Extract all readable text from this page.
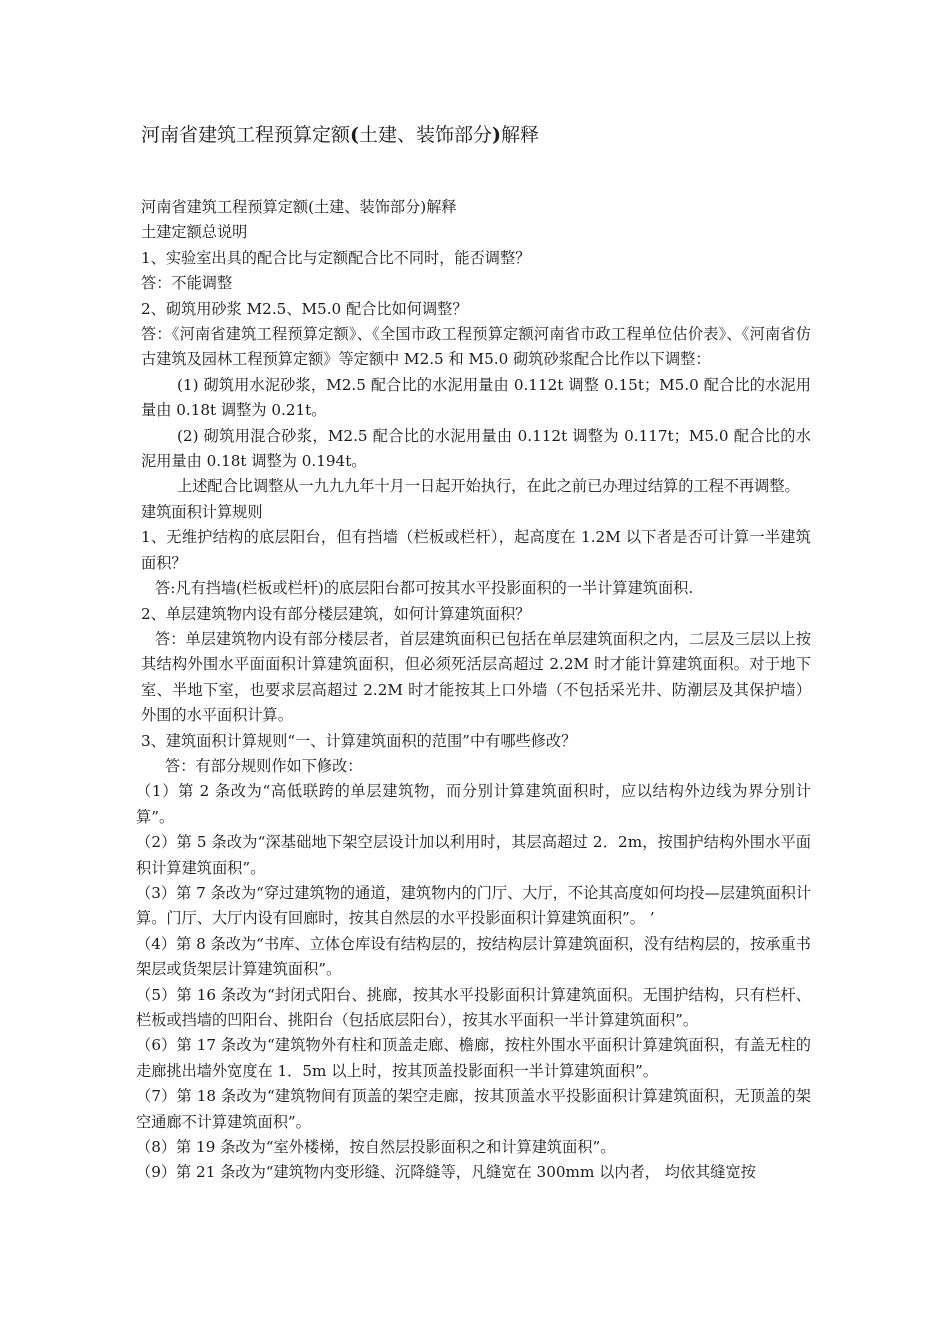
河南省建筑工程预算定额(土建、装饰部分)解释

河南省建筑工程预算定额(土建、装饰部分)解释

土建定额总说明

1、实验室出具的配合比与定额配合比不同时，能否调整？

答：不能调整

2、砌筑用砂浆 M2.5、M5.0 配合比如何调整？

答：《河南省建筑工程预算定额》、《全国市政工程预算定额河南省市政工程单位估价表》、《河南省仿古建筑及园林工程预算定额》等定额中 M2.5 和 M5.0 砌筑砂浆配合比作以下调整：

(1) 砌筑用水泥砂浆，M2.5 配合比的水泥用量由 0.112t 调整 0.15t；M5.0 配合比的水泥用量由 0.18t 调整为 0.21t。

(2) 砌筑用混合砂浆，M2.5 配合比的水泥用量由 0.112t 调整为 0.117t；M5.0 配合比的水泥用量由 0.18t 调整为 0.194t。

上述配合比调整从一九九九年十月一日起开始执行，在此之前已办理过结算的工程不再调整。

建筑面积计算规则

1、无维护结构的底层阳台，但有挡墙（栏板或栏杆），起高度在 1.2M 以下者是否可计算一半建筑面积？

答:凡有挡墙(栏板或栏杆)的底层阳台都可按其水平投影面积的一半计算建筑面积.

2、单层建筑物内设有部分楼层建筑，如何计算建筑面积？

答：单层建筑物内设有部分楼层者，首层建筑面积已包括在单层建筑面积之内，二层及三层以上按其结构外围水平面面积计算建筑面积，但必须死活层高超过 2.2M 时才能计算建筑面积。对于地下室、半地下室，也要求层高超过 2.2M 时才能按其上口外墙（不包括采光井、防潮层及其保护墙）外围的水平面积计算。

3、建筑面积计算规则“一、计算建筑面积的范围”中有哪些修改？

答：有部分规则作如下修改：

（1）第 2 条改为“高低联跨的单层建筑物，而分别计算建筑面积时，应以结构外边线为界分别计算”。

（2）第 5 条改为“深基础地下架空层设计加以利用时，其层高超过 2．2m，按围护结构外围水平面积计算建筑面积”。

（3）第 7 条改为“穿过建筑物的通道，建筑物内的门厅、大厅，不论其高度如何均投—层建筑面积计算。门厅、大厅内设有回廊时，按其自然层的水平投影面积计算建筑面积”。 ’

（4）第 8 条改为“书库、立体仓库设有结构层的，按结构层计算建筑面积，没有结构层的，按承重书架层或货架层计算建筑面积”。

（5）第 16 条改为“封闭式阳台、挑廊，按其水平投影面积计算建筑面积。无围护结构，只有栏杆、栏板或挡墙的凹阳台、挑阳台（包括底层阳台），按其水平面积一半计算建筑面积”。

（6）第 17 条改为“建筑物外有柱和顶盖走廊、檐廊，按柱外围水平面积计算建筑面积，有盖无柱的走廊挑出墙外宽度在 1．5m 以上时，按其顶盖投影面积一半计算建筑面积”。

（7）第 18 条改为“建筑物间有顶盖的架空走廊，按其顶盖水平投影面积计算建筑面积，无顶盖的架空通廊不计算建筑面积”。

（8）第 19 条改为“室外楼梯，按自然层投影面积之和计算建筑面积”。

（9）第 21 条改为“建筑物内变形缝、沉降缝等，凡缝宽在 300mm 以内者， 均依其缝宽按
